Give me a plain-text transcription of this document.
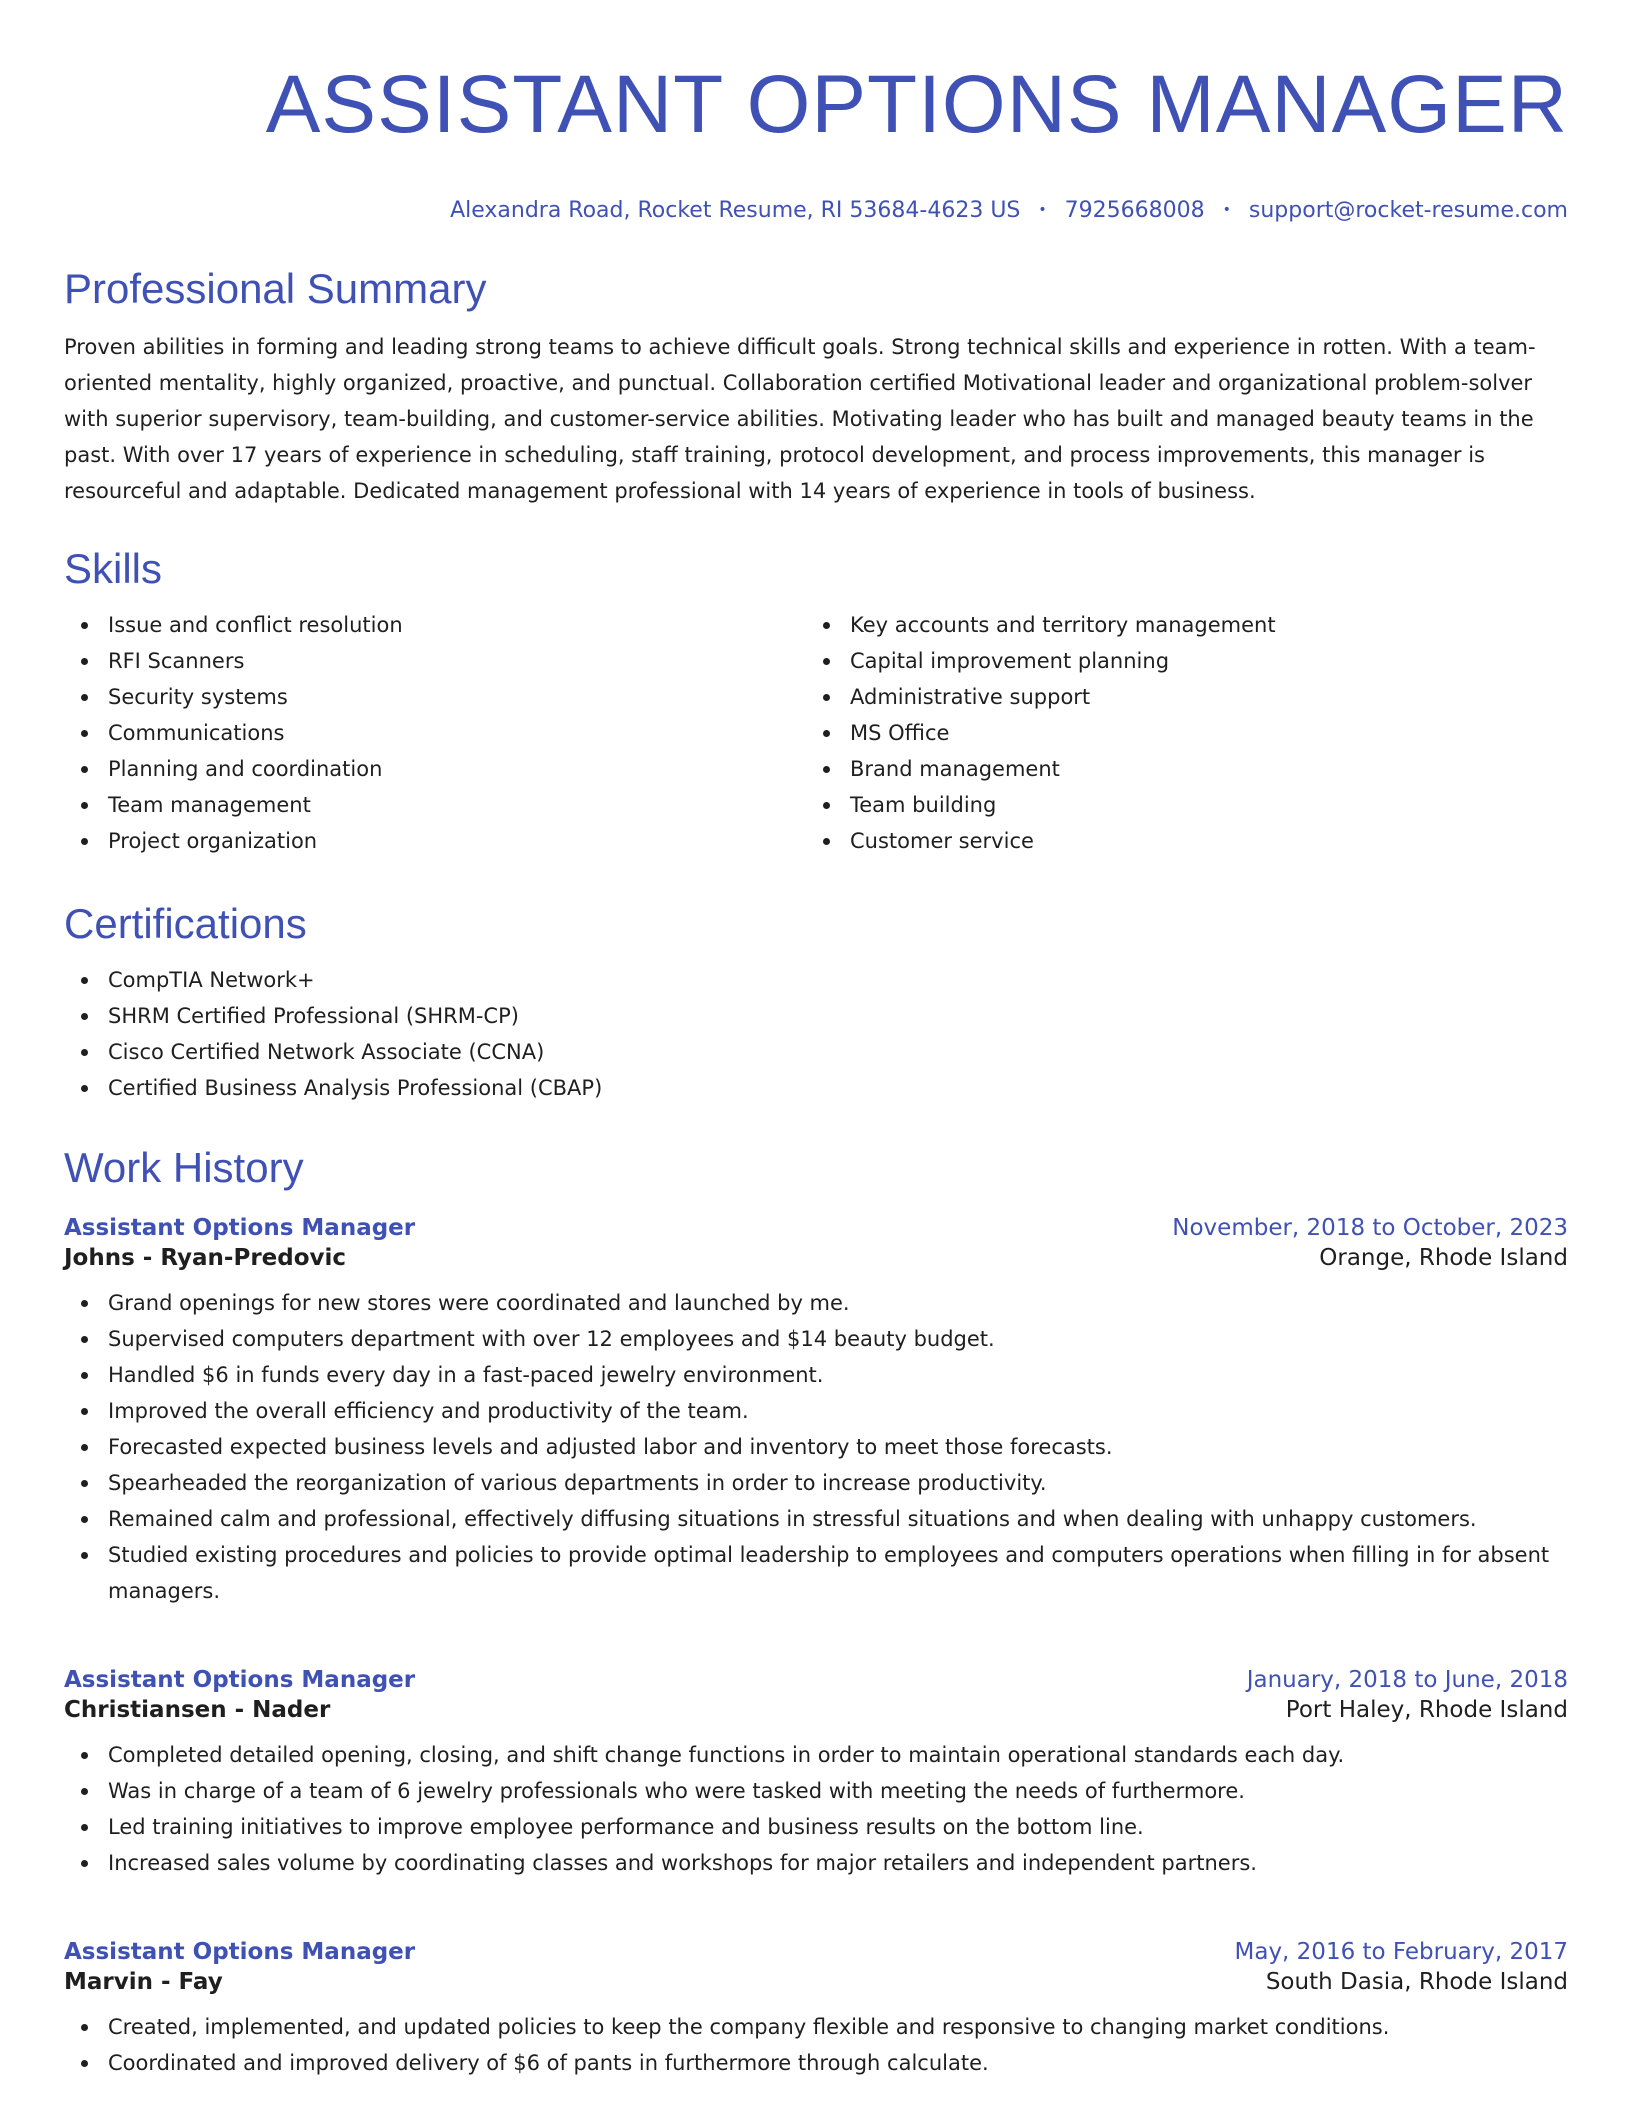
ASSISTANT OPTIONS MANAGER
Alexandra Road, Rocket Resume, RI 53684-4623 US • 7925668008 • support@rocket-resume.com
Professional Summary

Proven abilities in forming and leading strong teams to achieve difficult goals. Strong technical skills and experience in rotten. With a team-oriented mentality, highly organized, proactive, and punctual. Collaboration certified Motivational leader and organizational problem-solver with superior supervisory, team-building, and customer-service abilities. Motivating leader who has built and managed beauty teams in the past. With over 17 years of experience in scheduling, staff training, protocol development, and process improvements, this manager is resourceful and adaptable. Dedicated management professional with 14 years of experience in tools of business.

Skills
Issue and conflict resolution
RFI Scanners
Security systems
Communications
Planning and coordination
Team management
Project organization
Key accounts and territory management
Capital improvement planning
Administrative support
MS Office
Brand management
Team building
Customer service
Certifications
CompTIA Network+
SHRM Certified Professional (SHRM-CP)
Cisco Certified Network Associate (CCNA)
Certified Business Analysis Professional (CBAP)
Work History
Assistant Options Manager	November, 2018 to October, 2023
Johns - Ryan-Predovic	Orange, Rhode Island
Grand openings for new stores were coordinated and launched by me.
Supervised computers department with over 12 employees and $14 beauty budget.
Handled $6 in funds every day in a fast-paced jewelry environment.
Improved the overall efficiency and productivity of the team.
Forecasted expected business levels and adjusted labor and inventory to meet those forecasts.
Spearheaded the reorganization of various departments in order to increase productivity.
Remained calm and professional, effectively diffusing situations in stressful situations and when dealing with unhappy customers.
Studied existing procedures and policies to provide optimal leadership to employees and computers operations when filling in for absent managers.
Assistant Options Manager	January, 2018 to June, 2018
Christiansen - Nader	Port Haley, Rhode Island
Completed detailed opening, closing, and shift change functions in order to maintain operational standards each day.
Was in charge of a team of 6 jewelry professionals who were tasked with meeting the needs of furthermore.
Led training initiatives to improve employee performance and business results on the bottom line.
Increased sales volume by coordinating classes and workshops for major retailers and independent partners.
Assistant Options Manager	May, 2016 to February, 2017
Marvin - Fay	South Dasia, Rhode Island
Created, implemented, and updated policies to keep the company flexible and responsive to changing market conditions.
Coordinated and improved delivery of $6 of pants in furthermore through calculate.
